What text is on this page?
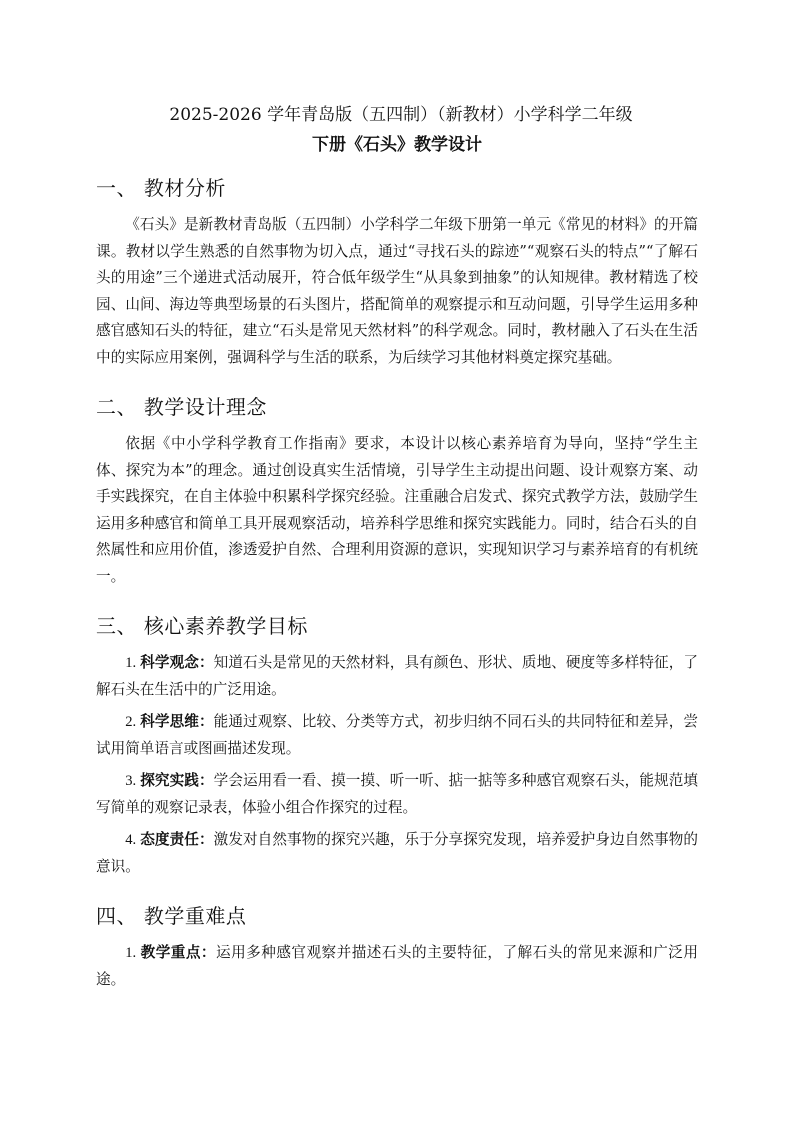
2025-2026 学年青岛版（五四制）（新教材）小学科学二年级
下册《石头》教学设计
一、 教材分析

《石头》是新教材青岛版（五四制）小学科学二年级下册第一单元《常见的材料》的开篇课。教材以学生熟悉的自然事物为切入点，通过“寻找石头的踪迹”“观察石头的特点”“了解石头的用途”三个递进式活动展开，符合低年级学生“从具象到抽象”的认知规律。教材精选了校园、山间、海边等典型场景的石头图片，搭配简单的观察提示和互动问题，引导学生运用多种感官感知石头的特征，建立“石头是常见天然材料”的科学观念。同时，教材融入了石头在生活中的实际应用案例，强调科学与生活的联系，为后续学习其他材料奠定探究基础。

二、 教学设计理念

依据《中小学科学教育工作指南》要求，本设计以核心素养培育为导向，坚持“学生主体、探究为本”的理念。通过创设真实生活情境，引导学生主动提出问题、设计观察方案、动手实践探究，在自主体验中积累科学探究经验。注重融合启发式、探究式教学方法，鼓励学生运用多种感官和简单工具开展观察活动，培养科学思维和探究实践能力。同时，结合石头的自然属性和应用价值，渗透爱护自然、合理利用资源的意识，实现知识学习与素养培育的有机统一。

三、 核心素养教学目标

1. 科学观念：知道石头是常见的天然材料，具有颜色、形状、质地、硬度等多样特征，了解石头在生活中的广泛用途。

2. 科学思维：能通过观察、比较、分类等方式，初步归纳不同石头的共同特征和差异，尝试用简单语言或图画描述发现。

3. 探究实践：学会运用看一看、摸一摸、听一听、掂一掂等多种感官观察石头，能规范填写简单的观察记录表，体验小组合作探究的过程。

4. 态度责任：激发对自然事物的探究兴趣，乐于分享探究发现，培养爱护身边自然事物的意识。

四、 教学重难点

1. 教学重点：运用多种感官观察并描述石头的主要特征，了解石头的常见来源和广泛用途。
